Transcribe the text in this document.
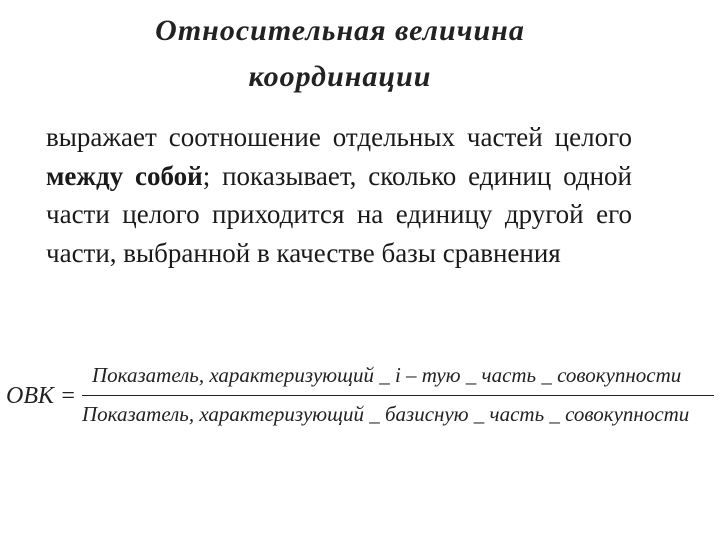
Относительная величина
координации
выражает соотношение отдельных частей целого между собой; показывает, сколько единиц одной части целого приходится на единицу другой его части, выбранной в качестве базы сравнения
ОВК =
Показатель, характеризующий _ i – тую _ часть _ совокупности
Показатель, характеризующий _ базисную _ часть _ совокупности
